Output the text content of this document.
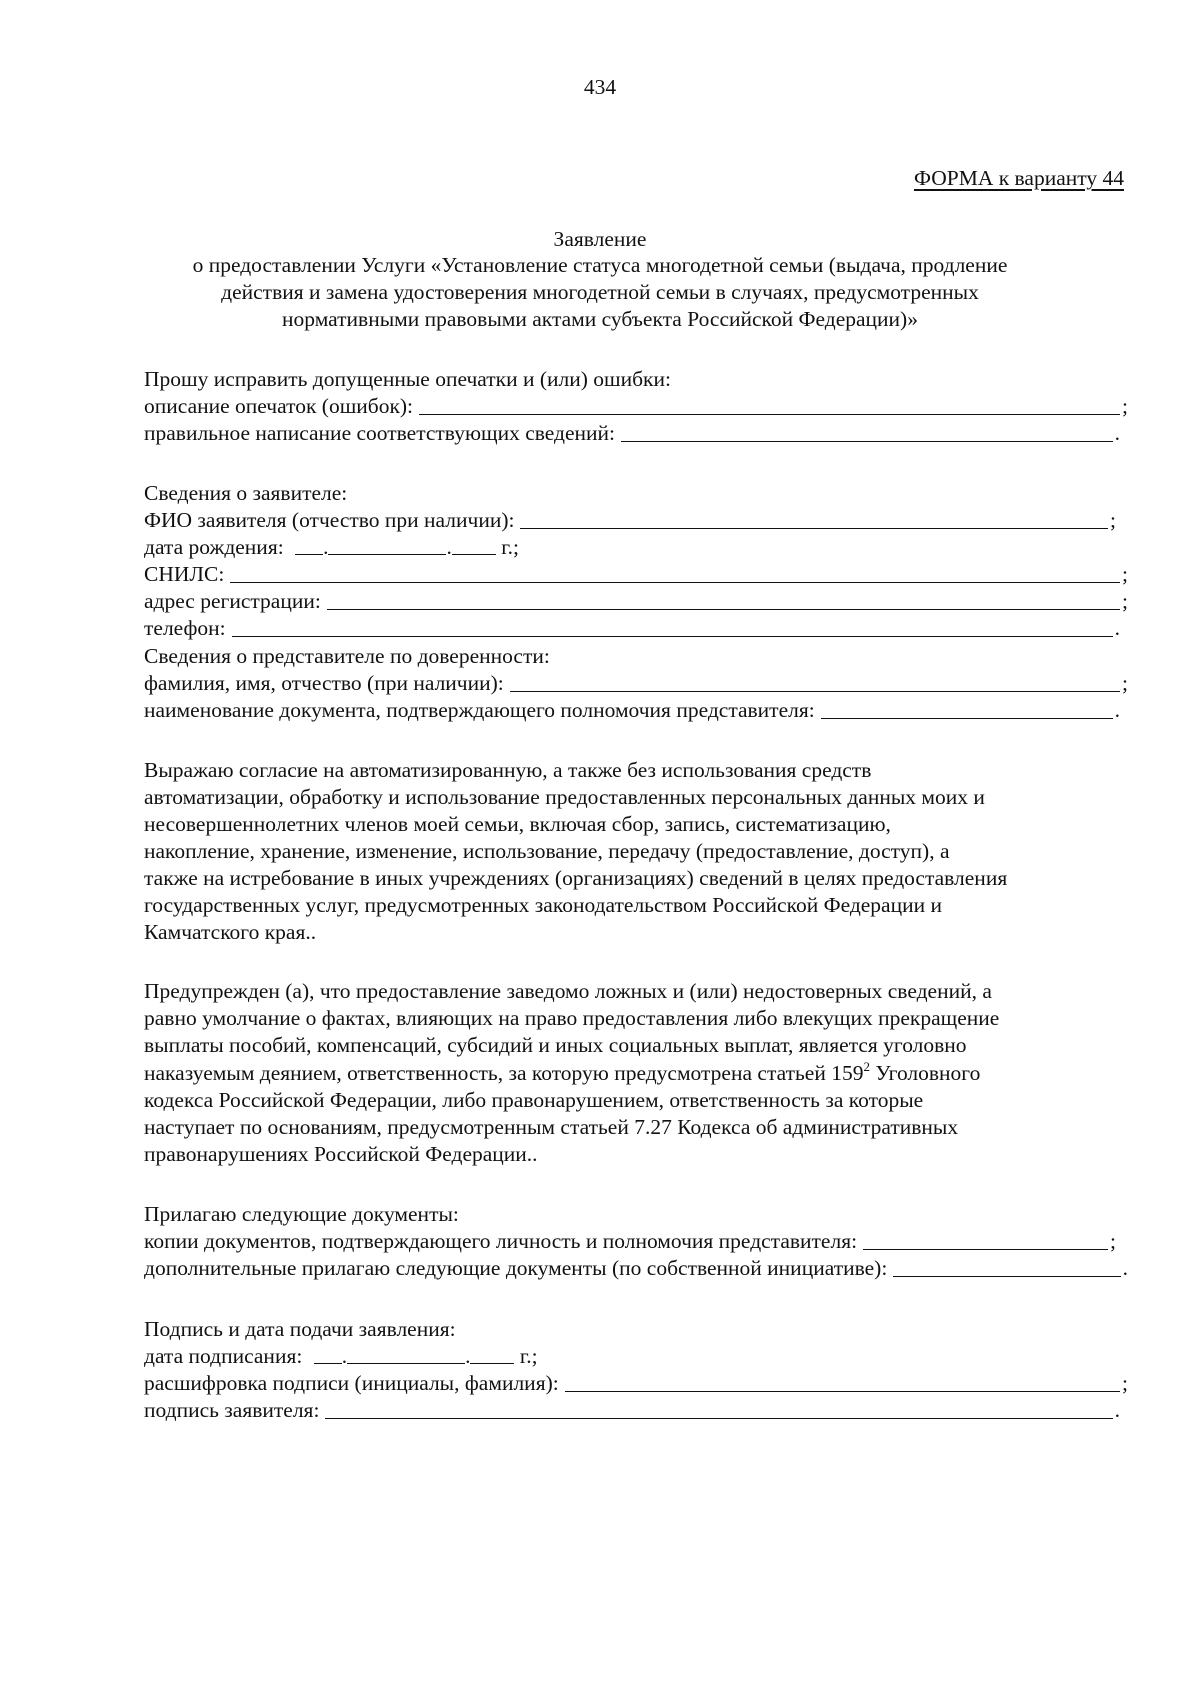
434
ФОРМА к варианту 44
Заявление
о предоставлении Услуги «Установление статуса многодетной семьи (выдача, продление
действия и замена удостоверения многодетной семьи в случаях, предусмотренных
нормативными правовыми актами субъекта Российской Федерации)»
Прошу исправить допущенные опечатки и (или) ошибки:
описание опечаток (ошибок):	;
правильное написание соответствующих сведений:	.
Сведения о заявителе:
ФИО заявителя (отчество при наличии):	;
дата рождения: .	. г.;
СНИЛС:	;
адрес регистрации:	;
телефон:	.
Сведения о представителе по доверенности:
фамилия, имя, отчество (при наличии):	;
наименование документа, подтверждающего полномочия представителя:	.
Выражаю согласие на автоматизированную, а также без использования средств
автоматизации, обработку и использование предоставленных персональных данных моих и
несовершеннолетних членов моей семьи, включая сбор, запись, систематизацию,
накопление, хранение, изменение, использование, передачу (предоставление, доступ), а
также на истребование в иных учреждениях (организациях) сведений в целях предоставления
государственных услуг, предусмотренных законодательством Российской Федерации и
Камчатского края..
Предупрежден (а), что предоставление заведомо ложных и (или) недостоверных сведений, а
равно умолчание о фактах, влияющих на право предоставления либо влекущих прекращение
выплаты пособий, компенсаций, субсидий и иных социальных выплат, является уголовно
наказуемым деянием, ответственность, за которую предусмотрена статьей $159^2$ Уголовного
кодекса Российской Федерации, либо правонарушением, ответственность за которые
наступает по основаниям, предусмотренным статьей 7.27 Кодекса об административных
правонарушениях Российской Федерации..
Прилагаю следующие документы:
копии документов, подтверждающего личность и полномочия представителя:	;
дополнительные прилагаю следующие документы (по собственной инициативе):	.
Подпись и дата подачи заявления:
дата подписания: .	. г.;
расшифровка подписи (инициалы, фамилия):	;
подпись заявителя:	.
